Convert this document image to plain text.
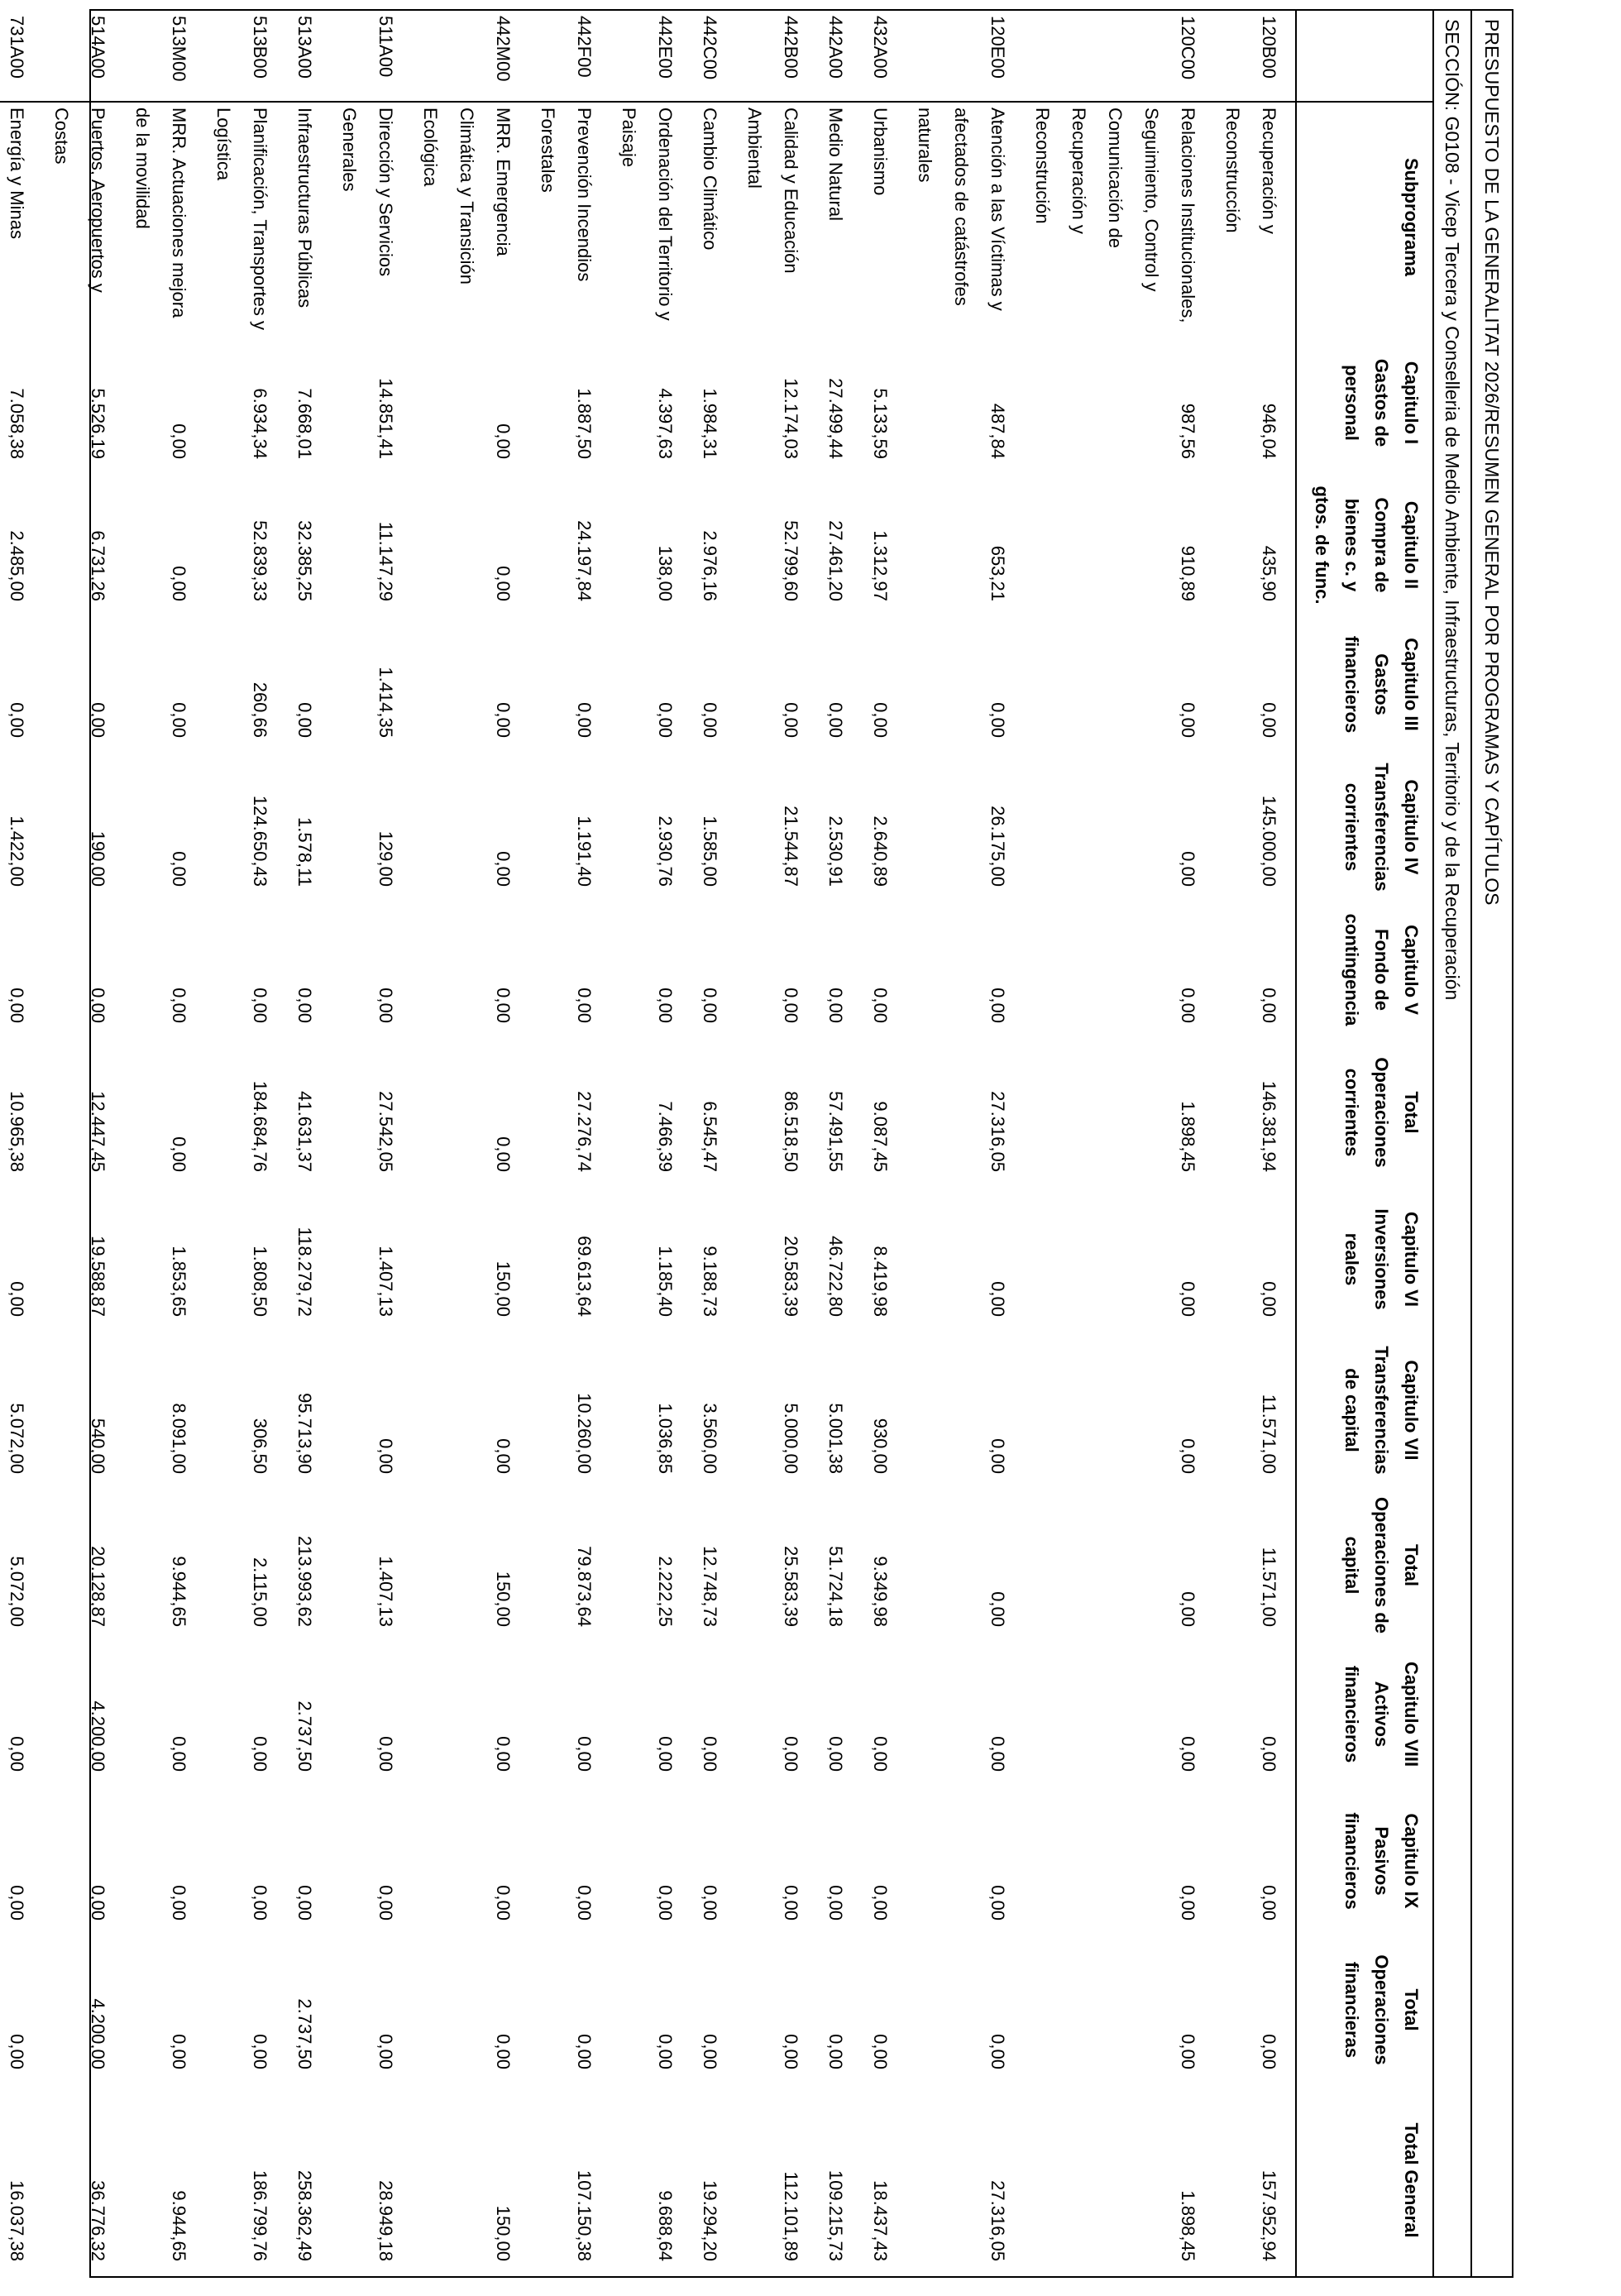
PRESUPUESTO DE LA GENERALITAT 2026/RESUMEN GENERAL POR PROGRAMAS Y CAPÍTULOS
SECCIÓN: G0108 - Vicep Tercera y Conselleria de Medio Ambiente, Infraestructuras, Territorio y de la Recuperación
	Subprograma	Capitulo I Gastos de personal	Capitulo II Compra de bienes c. y gtos. de func.	Capitulo III Gastos financieros	Capitulo IV Transferencias corrientes	Capitulo V Fondo de contingencia	Total Operaciones corrientes	Capitulo VI Inversiones reales	Capitulo VII Transferencias de capital	Total Operaciones de capital	Capitulo VIII Activos financieros	Capitulo IX Pasivos financieros	Total Operaciones financieras	Total General
120B00	Recuperación y Reconstrucción	946,04	435,90	0,00	145.000,00	0,00	146.381,94	0,00	11.571,00	11.571,00	0,00	0,00	0,00	157.952,94
120C00	Relaciones Institucionales, Seguimiento, Control y Comunicación de Recuperación y Reconstrución	987,56	910,89	0,00	0,00	0,00	1.898,45	0,00	0,00	0,00	0,00	0,00	0,00	1.898,45
120E00	Atención a las Víctimas y afectados de catástrofes naturales	487,84	653,21	0,00	26.175,00	0,00	27.316,05	0,00	0,00	0,00	0,00	0,00	0,00	27.316,05
432A00	Urbanismo	5.133,59	1.312,97	0,00	2.640,89	0,00	9.087,45	8.419,98	930,00	9.349,98	0,00	0,00	0,00	18.437,43
442A00	Medio Natural	27.499,44	27.461,20	0,00	2.530,91	0,00	57.491,55	46.722,80	5.001,38	51.724,18	0,00	0,00	0,00	109.215,73
442B00	Calidad y Educación Ambiental	12.174,03	52.799,60	0,00	21.544,87	0,00	86.518,50	20.583,39	5.000,00	25.583,39	0,00	0,00	0,00	112.101,89
442C00	Cambio Climático	1.984,31	2.976,16	0,00	1.585,00	0,00	6.545,47	9.188,73	3.560,00	12.748,73	0,00	0,00	0,00	19.294,20
442E00	Ordenación del Territorio y Paisaje	4.397,63	138,00	0,00	2.930,76	0,00	7.466,39	1.185,40	1.036,85	2.222,25	0,00	0,00	0,00	9.688,64
442F00	Prevención Incendios Forestales	1.887,50	24.197,84	0,00	1.191,40	0,00	27.276,74	69.613,64	10.260,00	79.873,64	0,00	0,00	0,00	107.150,38
442M00	MRR. Emergencia Climática y Transición Ecológica	0,00	0,00	0,00	0,00	0,00	0,00	150,00	0,00	150,00	0,00	0,00	0,00	150,00
511A00	Dirección y Servicios Generales	14.851,41	11.147,29	1.414,35	129,00	0,00	27.542,05	1.407,13	0,00	1.407,13	0,00	0,00	0,00	28.949,18
513A00	Infraestructuras Públicas	7.668,01	32.385,25	0,00	1.578,11	0,00	41.631,37	118.279,72	95.713,90	213.993,62	2.737,50	0,00	2.737,50	258.362,49
513B00	Planificación, Transportes y Logística	6.934,34	52.839,33	260,66	124.650,43	0,00	184.684,76	1.808,50	306,50	2.115,00	0,00	0,00	0,00	186.799,76
513M00	MRR. Actuaciones mejora de la movilidad	0,00	0,00	0,00	0,00	0,00	0,00	1.853,65	8.091,00	9.944,65	0,00	0,00	0,00	9.944,65
514A00	Puertos, Aeropuertos y Costas	5.526,19	6.731,26	0,00	190,00	0,00	12.447,45	19.588,87	540,00	20.128,87	4.200,00	0,00	4.200,00	36.776,32
731A00	Energía y Minas	7.058,38	2.485,00	0,00	1.422,00	0,00	10.965,38	0,00	5.072,00	5.072,00	0,00	0,00	0,00	16.037,38
